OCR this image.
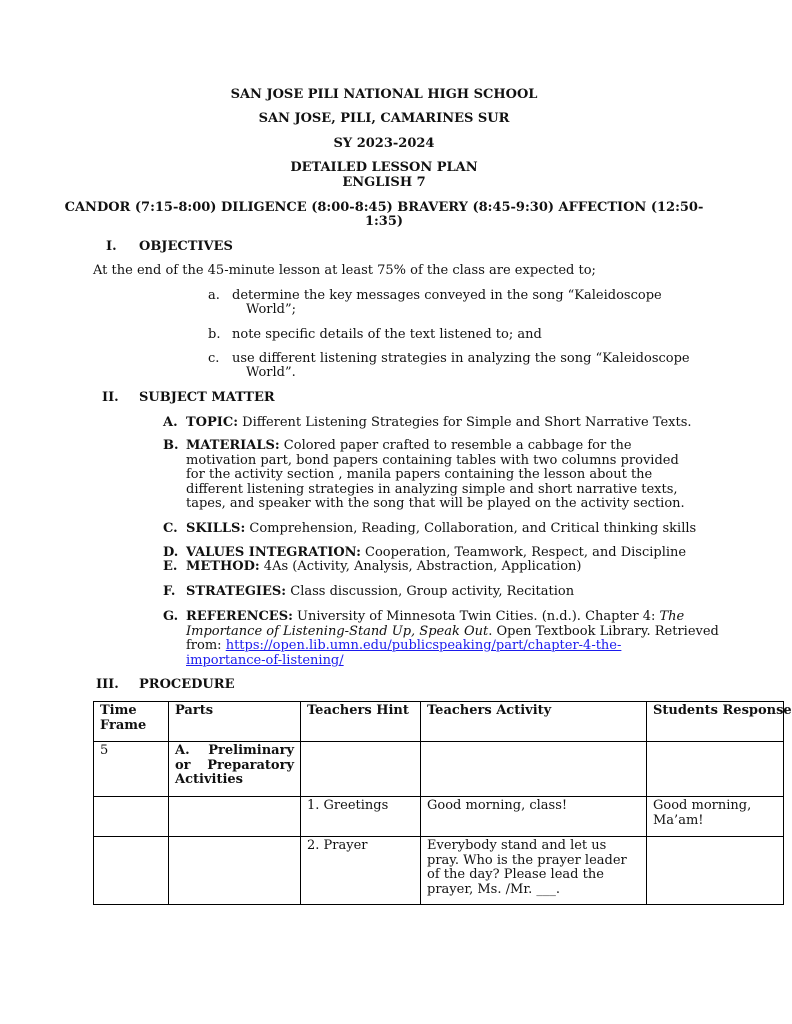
SAN JOSE PILI NATIONAL HIGH SCHOOL
SAN JOSE, PILI, CAMARINES SUR
SY 2023-2024
DETAILED LESSON PLAN
ENGLISH 7
CANDOR (7:15-8:00) DILIGENCE (8:00-8:45) BRAVERY (8:45-9:30) AFFECTION (12:50-
1:35)
I. OBJECTIVES
At the end of the 45-minute lesson at least 75% of the class are expected to;
a. determine the key messages conveyed in the song “Kaleidoscope
World”;
b. note specific details of the text listened to; and
c. use different listening strategies in analyzing the song “Kaleidoscope
World”.
II. SUBJECT MATTER
A. TOPIC: Different Listening Strategies for Simple and Short Narrative Texts.
B. MATERIALS: Colored paper crafted to resemble a cabbage for the
motivation part, bond papers containing tables with two columns provided
for the activity section , manila papers containing the lesson about the
different listening strategies in analyzing simple and short narrative texts,
tapes, and speaker with the song that will be played on the activity section.
C. SKILLS: Comprehension, Reading, Collaboration, and Critical thinking skills
D. VALUES INTEGRATION: Cooperation, Teamwork, Respect, and Discipline
E. METHOD: 4As (Activity, Analysis, Abstraction, Application)
F. STRATEGIES: Class discussion, Group activity, Recitation
G. REFERENCES: University of Minnesota Twin Cities. (n.d.). Chapter 4: The
Importance of Listening-Stand Up, Speak Out. Open Textbook Library. Retrieved
from: https://open.lib.umn.edu/publicspeaking/part/chapter-4-the-
importance-of-listening/
III. PROCEDURE
Time Frame	Parts	Teachers Hint	Teachers Activity	Students Response
5	A. Preliminary or Preparatory Activities			
		1. Greetings	Good morning, class!	Good morning, Ma’am!
		2. Prayer	Everybody stand and let us pray. Who is the prayer leader of the day? Please lead the prayer, Ms. /Mr. ___.	
